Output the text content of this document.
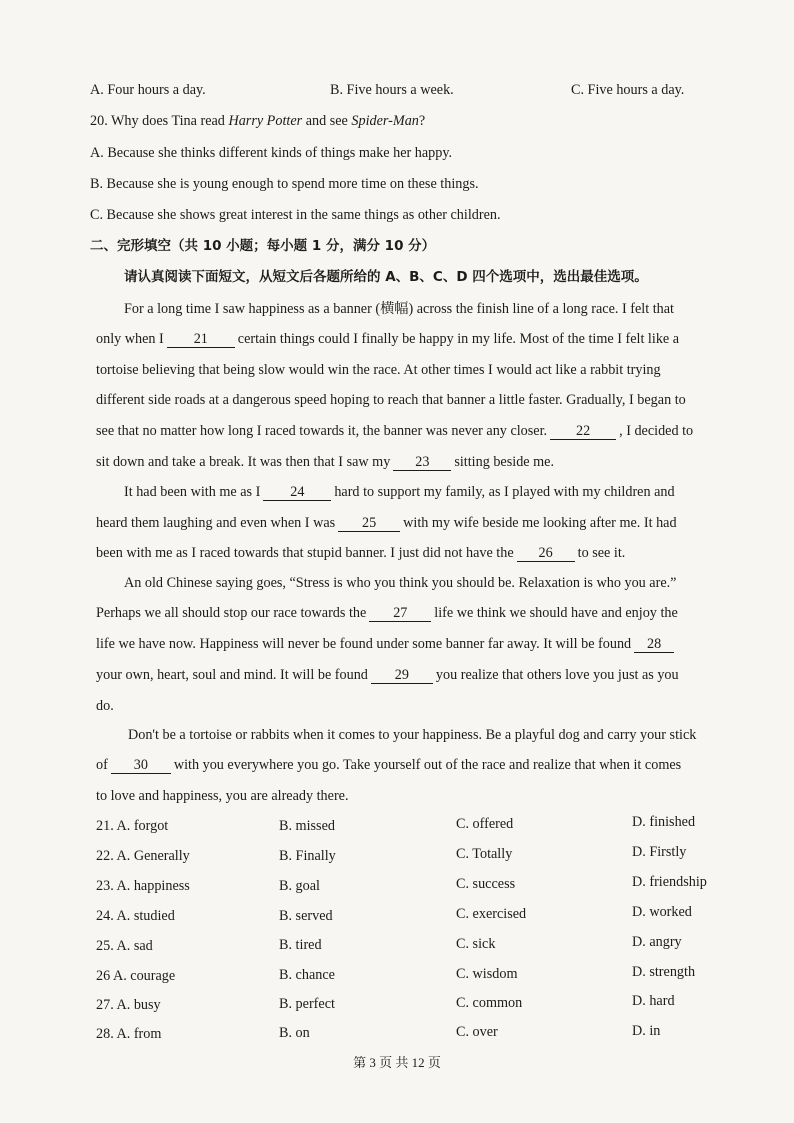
A. Four hours a day.	B. Five hours a week.	C. Five hours a day.
20. Why does Tina read Harry Potter and see Spider-Man?
A. Because she thinks different kinds of things make her happy.
B. Because she is young enough to spend more time on these things.
C. Because she shows great interest in the same things as other children.
二、完形填空（共 10 小题；每小题 1 分，满分 10 分）
请认真阅读下面短文，从短文后各题所给的 A、B、C、D 四个选项中，选出最佳选项。
For a long time I saw happiness as a banner (横幅) across the finish line of a long race. I felt that
only when I 21 certain things could I finally be happy in my life. Most of the time I felt like a
tortoise believing that being slow would win the race. At other times I would act like a rabbit trying
different side roads at a dangerous speed hoping to reach that banner a little faster. Gradually, I began to
see that no matter how long I raced towards it, the banner was never any closer. 22 , I decided to
sit down and take a break. It was then that I saw my 23 sitting beside me.
It had been with me as I 24 hard to support my family, as I played with my children and
heard them laughing and even when I was 25 with my wife beside me looking after me. It had
been with me as I raced towards that stupid banner. I just did not have the 26 to see it.
An old Chinese saying goes, “Stress is who you think you should be. Relaxation is who you are.”
Perhaps we all should stop our race towards the 27 life we think we should have and enjoy the
life we have now. Happiness will never be found under some banner far away. It will be found 28
your own, heart, soul and mind. It will be found 29 you realize that others love you just as you
do.
Don't be a tortoise or rabbits when it comes to your happiness. Be a playful dog and carry your stick
of 30 with you everywhere you go. Take yourself out of the race and realize that when it comes
to love and happiness, you are already there.
21. A. forgot	B. missed	C. offered	D. finished
22. A. Generally	B. Finally	C. Totally	D. Firstly
23. A. happiness	B. goal	C. success	D. friendship
24. A. studied	B. served	C. exercised	D. worked
25. A. sad	B. tired	C. sick	D. angry
26 A. courage	B. chance	C. wisdom	D. strength
27. A. busy	B. perfect	C. common	D. hard
28. A. from	B. on	C. over	D. in
第 3 页 共 12 页
